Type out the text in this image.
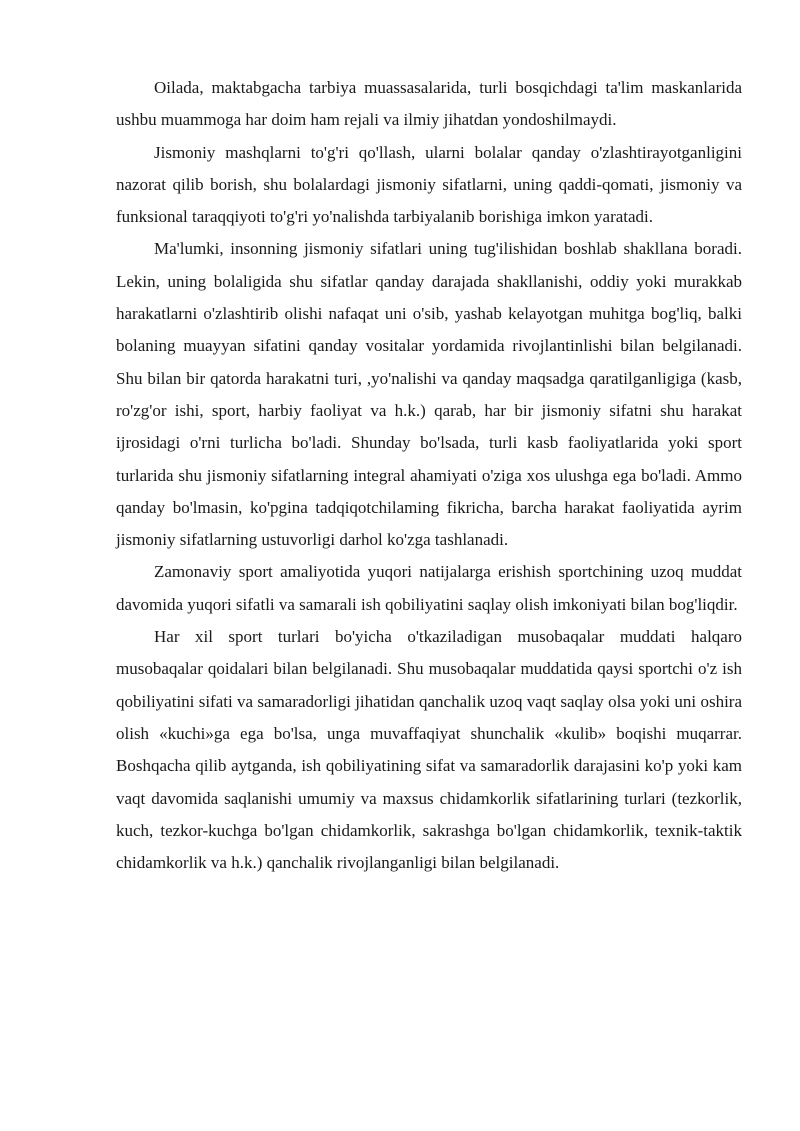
Oilada, maktabgacha tarbiya muassasalarida, turli bosqichdagi ta'lim maskanlarida ushbu muammoga har doim ham rejali va ilmiy jihatdan yondoshilmaydi.

Jismoniy mashqlarni to'g'ri qo'llash, ularni bolalar qanday o'zlashtirayotganligini nazorat qilib borish, shu bolalardagi jismoniy sifatlarni, uning qaddi-qomati, jismoniy va funksional taraqqiyoti to'g'ri yo'nalishda tarbiyalanib borishiga imkon yaratadi.

Ma'lumki, insonning jismoniy sifatlari uning tug'ilishidan boshlab shakllana boradi. Lekin, uning bolaligida shu sifatlar qanday darajada shakllanishi, oddiy yoki murakkab harakatlarni o'zlashtirib olishi nafaqat uni o'sib, yashab kelayotgan muhitga bog'liq, balki bolaning muayyan sifatini qanday vositalar yordamida rivojlantinlishi bilan belgilanadi. Shu bilan bir qatorda harakatni turi, ,yo'nalishi va qanday maqsadga qaratilganligiga (kasb, ro'zg'or ishi, sport, harbiy faoliyat va h.k.) qarab, har bir jismoniy sifatni shu harakat ijrosidagi o'rni turlicha bo'ladi. Shunday bo'lsada, turli kasb faoliyatlarida yoki sport turlarida shu jismoniy sifatlarning integral ahamiyati o'ziga xos ulushga ega bo'ladi. Ammo qanday bo'lmasin, ko'pgina tadqiqotchilaming fikricha, barcha harakat faoliyatida ayrim jismoniy sifatlarning ustuvorligi darhol ko'zga tashlanadi.

Zamonaviy sport amaliyotida yuqori natijalarga erishish sportchining uzoq muddat davomida yuqori sifatli va samarali ish qobiliyatini saqlay olish imkoniyati bilan bog'liqdir.

Har xil sport turlari bo'yicha o'tkaziladigan musobaqalar muddati halqaro musobaqalar qoidalari bilan belgilanadi. Shu musobaqalar muddatida qaysi sportchi o'z ish qobiliyatini sifati va samaradorligi jihatidan qanchalik uzoq vaqt saqlay olsa yoki uni oshira olish «kuchi»ga ega bo'lsa, unga muvaffaqiyat shunchalik «kulib» boqishi muqarrar. Boshqacha qilib aytganda, ish qobiliyatining sifat va samaradorlik darajasini ko'p yoki kam vaqt davomida saqlanishi umumiy va maxsus chidamkorlik sifatlarining turlari (tezkorlik, kuch, tezkor-kuchga bo'lgan chidamkorlik, sakrashga bo'lgan chidamkorlik, texnik-taktik chidamkorlik va h.k.) qanchalik rivojlanganligi bilan belgilanadi.
